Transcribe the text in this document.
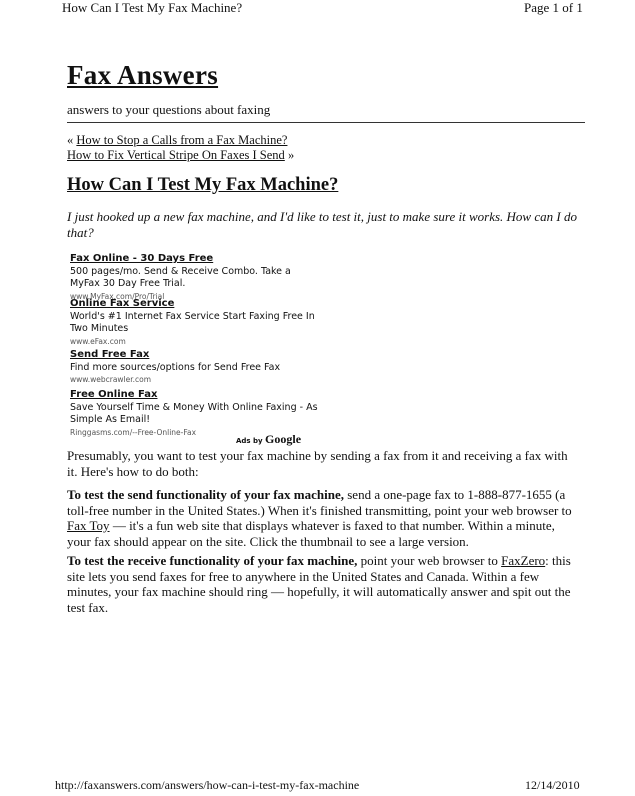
How Can I Test My Fax Machine?	Page 1 of 1
Fax Answers
answers to your questions about faxing
« How to Stop a Calls from a Fax Machine?
How to Fix Vertical Stripe On Faxes I Send »
How Can I Test My Fax Machine?
I just hooked up a new fax machine, and I'd like to test it, just to make sure it works. How can I do that?
Fax Online - 30 Days Free
500 pages/mo. Send & Receive Combo. Take a MyFax 30 Day Free Trial.
www.MyFax.com/Pro/Trial
Online Fax Service
World's #1 Internet Fax Service Start Faxing Free In Two Minutes
www.eFax.com
Send Free Fax
Find more sources/options for Send Free Fax
www.webcrawler.com
Free Online Fax
Save Yourself Time & Money With Online Faxing - As Simple As Email!
Ringgasms.com/--Free-Online-Fax
Ads by Google
Presumably, you want to test your fax machine by sending a fax from it and receiving a fax with it. Here's how to do both:
To test the send functionality of your fax machine, send a one-page fax to 1-888-877-1655 (a toll-free number in the United States.) When it's finished transmitting, point your web browser to Fax Toy — it's a fun web site that displays whatever is faxed to that number. Within a minute, your fax should appear on the site. Click the thumbnail to see a large version.
To test the receive functionality of your fax machine, point your web browser to FaxZero: this site lets you send faxes for free to anywhere in the United States and Canada. Within a few minutes, your fax machine should ring — hopefully, it will automatically answer and spit out the test fax.
http://faxanswers.com/answers/how-can-i-test-my-fax-machine	12/14/2010
